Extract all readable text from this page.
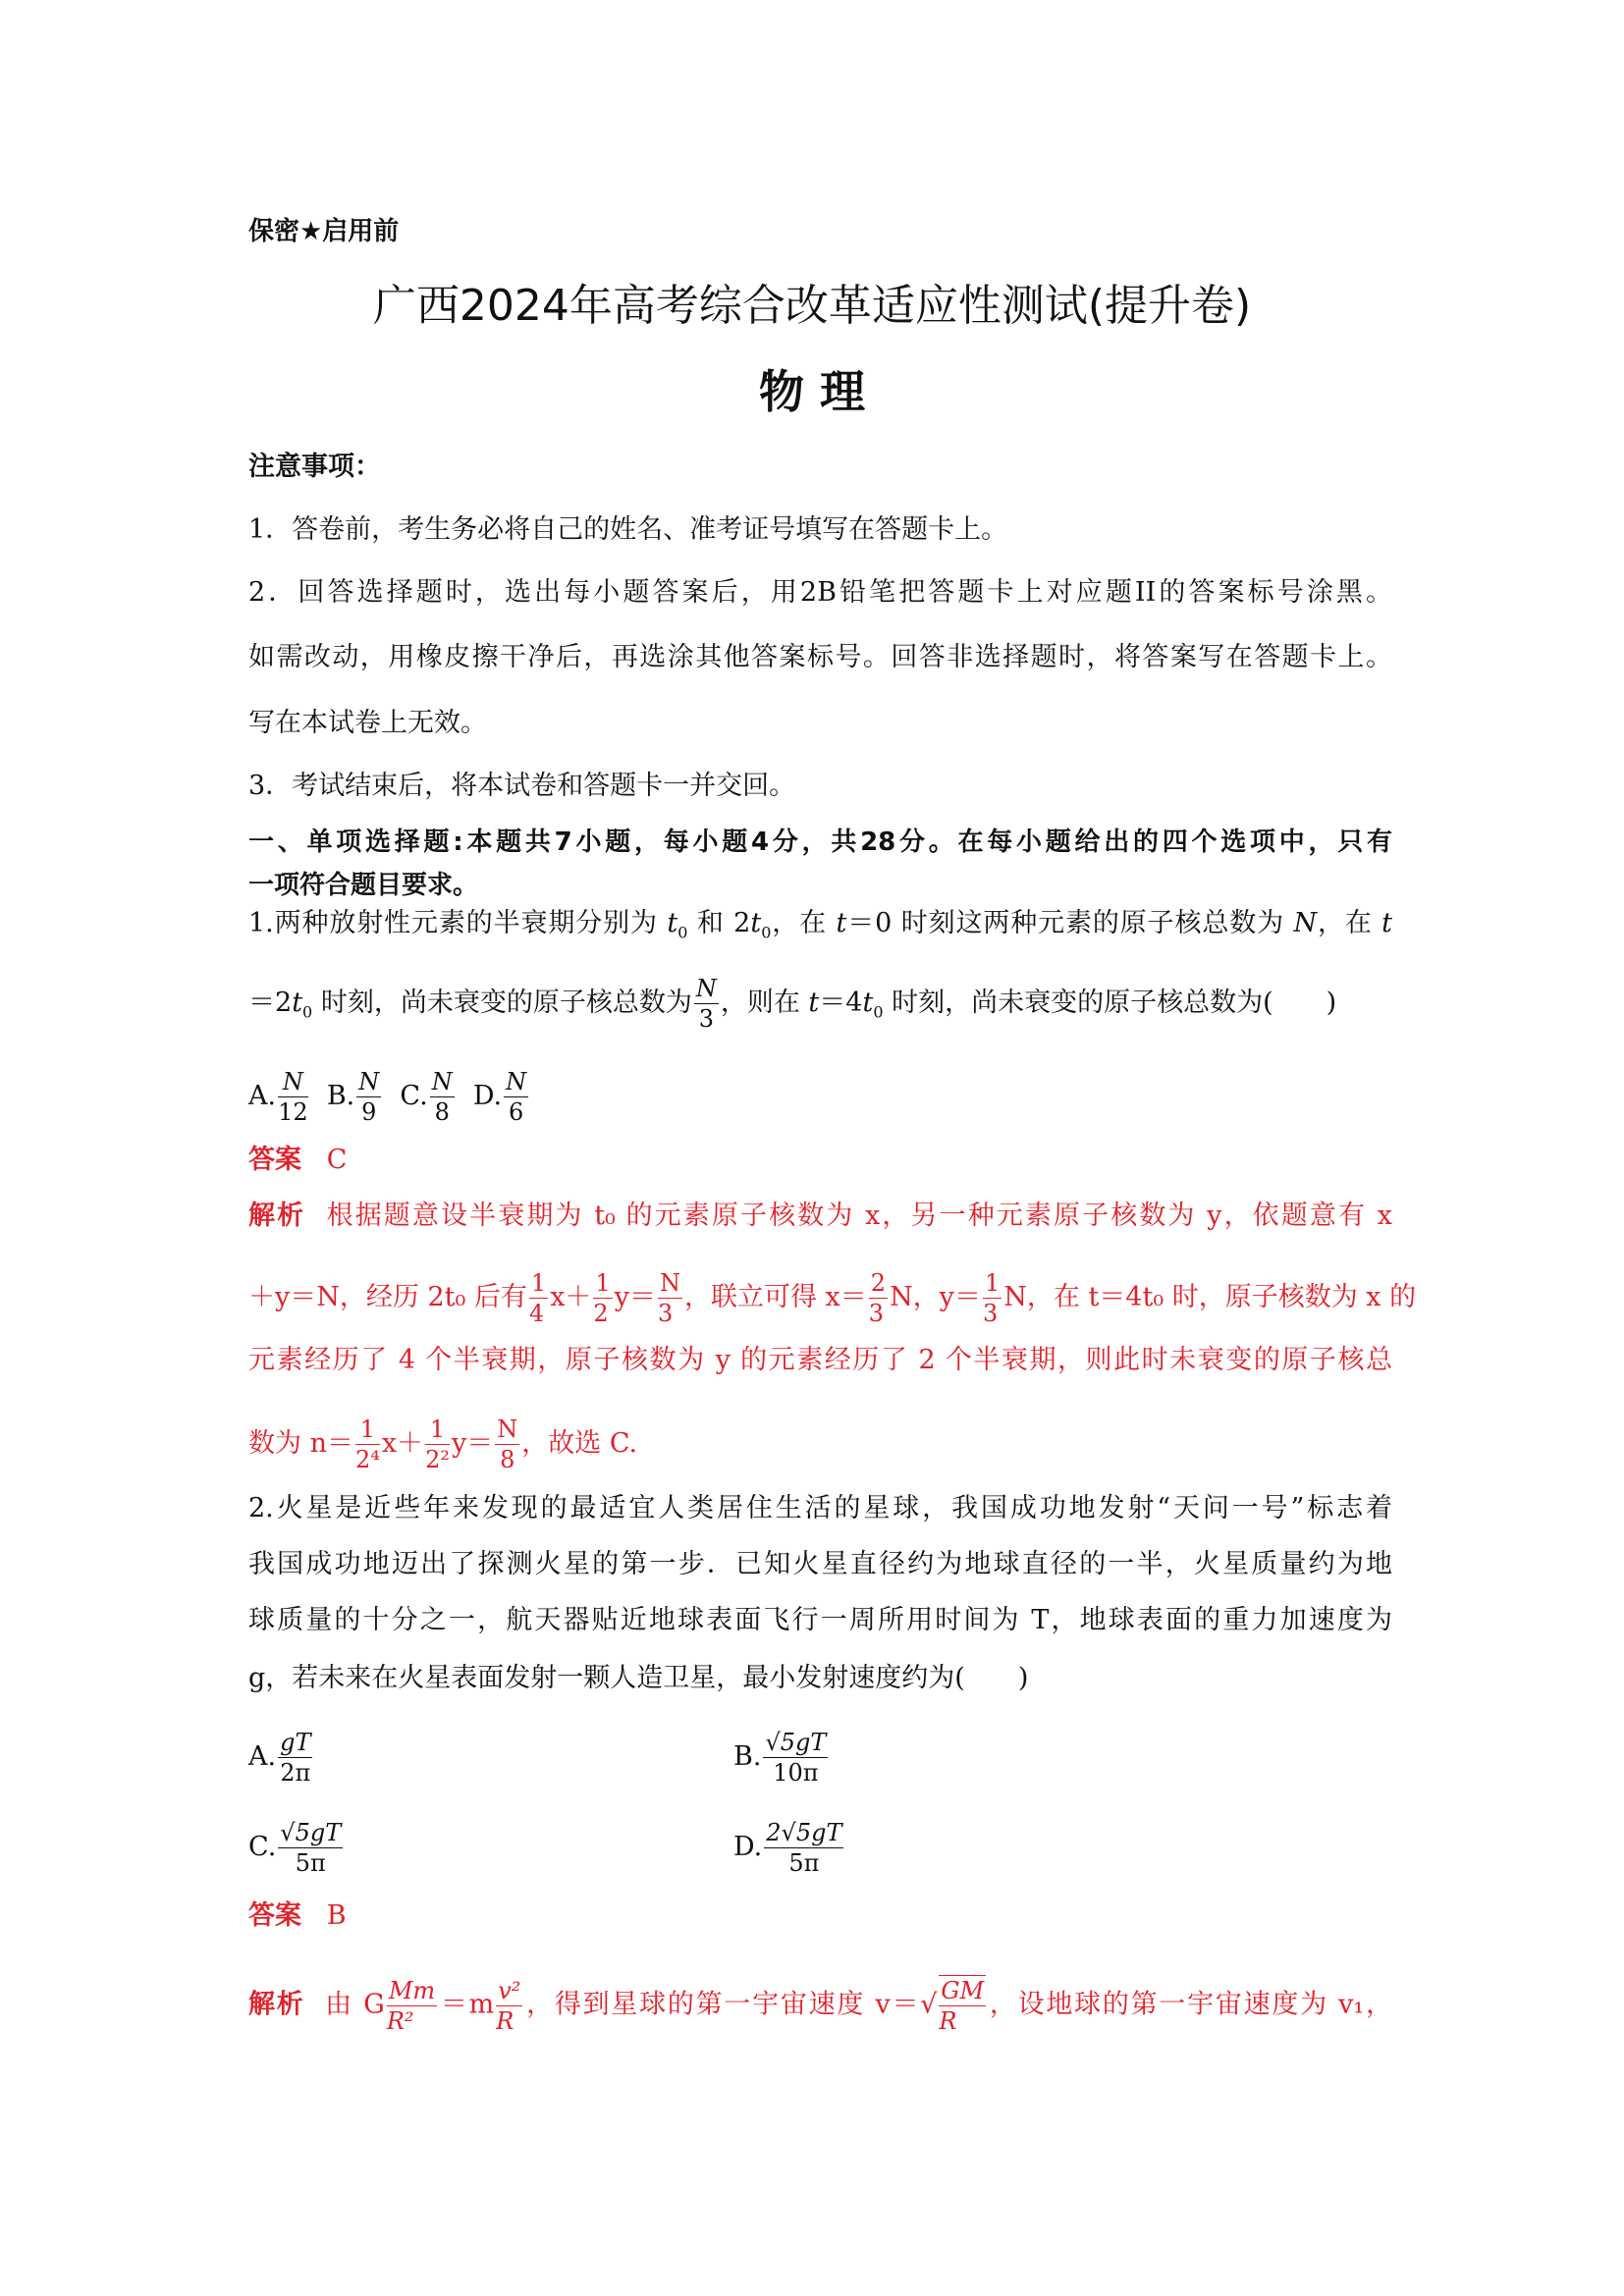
保密★启用前
广西2024年高考综合改革适应性测试(提升卷)
物 理
注意事项：
1．答卷前，考生务必将自己的姓名、准考证号填写在答题卡上。
2．回答选择题时，选出每小题答案后，用2B铅笔把答题卡上对应题II的答案标号涂黑。
如需改动，用橡皮擦干净后，再选涂其他答案标号。回答非选择题时，将答案写在答题卡上。
写在本试卷上无效。
3．考试结束后，将本试卷和答题卡一并交回。
一、单项选择题:本题共7小题，每小题4分，共28分。在每小题给出的四个选项中，只有
一项符合题目要求。
1.两种放射性元素的半衰期分别为 $t_0$ 和 $2t_0$，在 t＝0 时刻这两种元素的原子核总数为 N，在 t
$=2t_0$ 时刻，尚未衰变的原子核总数为 $\frac{N}{3}$ ，则在 $t=4t_0$ 时刻，尚未衰变的原子核总数为(　　)
A. $\frac{N}{12} B$. $\frac{N}{9} C$. $\frac{N}{8} D$. $\frac{N}{6}$
答案 C
解析 根据题意设半衰期为 t₀ 的元素原子核数为 x，另一种元素原子核数为 y，依题意有 x
＋y＝N，经历 2t₀ 后有 $\frac{1}{4} x+ \frac{1}{2} y= \frac{N}{3}$ ，联立可得 $x= \frac{2}{3}$ N，$y= \frac{1}{3}$ N，在 t＝4t₀ 时，原子核数为 x 的
元素经历了 4 个半衰期，原子核数为 y 的元素经历了 2 个半衰期，则此时未衰变的原子核总
数为 $n= \frac{1}{\text{2⁴}} x+ \frac{1}{\text{2²}} y= \frac{N}{8}$ ，故选 C.
2.火星是近些年来发现的最适宜人类居住生活的星球，我国成功地发射“天问一号”标志着
我国成功地迈出了探测火星的第一步．已知火星直径约为地球直径的一半，火星质量约为地
球质量的十分之一，航天器贴近地球表面飞行一周所用时间为 T，地球表面的重力加速度为
g，若未来在火星表面发射一颗人造卫星，最小发射速度约为(　　)
A. $\frac{gT}{2\pi}$	B. $\frac{√5gT}{10\pi}$
C. $\frac{√5gT}{5\pi}$	D. $\frac{2√5gT}{5\pi}$
答案 B
解析 由 G $\frac{Mm}{\text{R²}} =m \frac{\text{v²}}{R}$ ，得到星球的第一宇宙速度 $v=√ \frac{GM}{R}$ ，设地球的第一宇宙速度为 v₁，
